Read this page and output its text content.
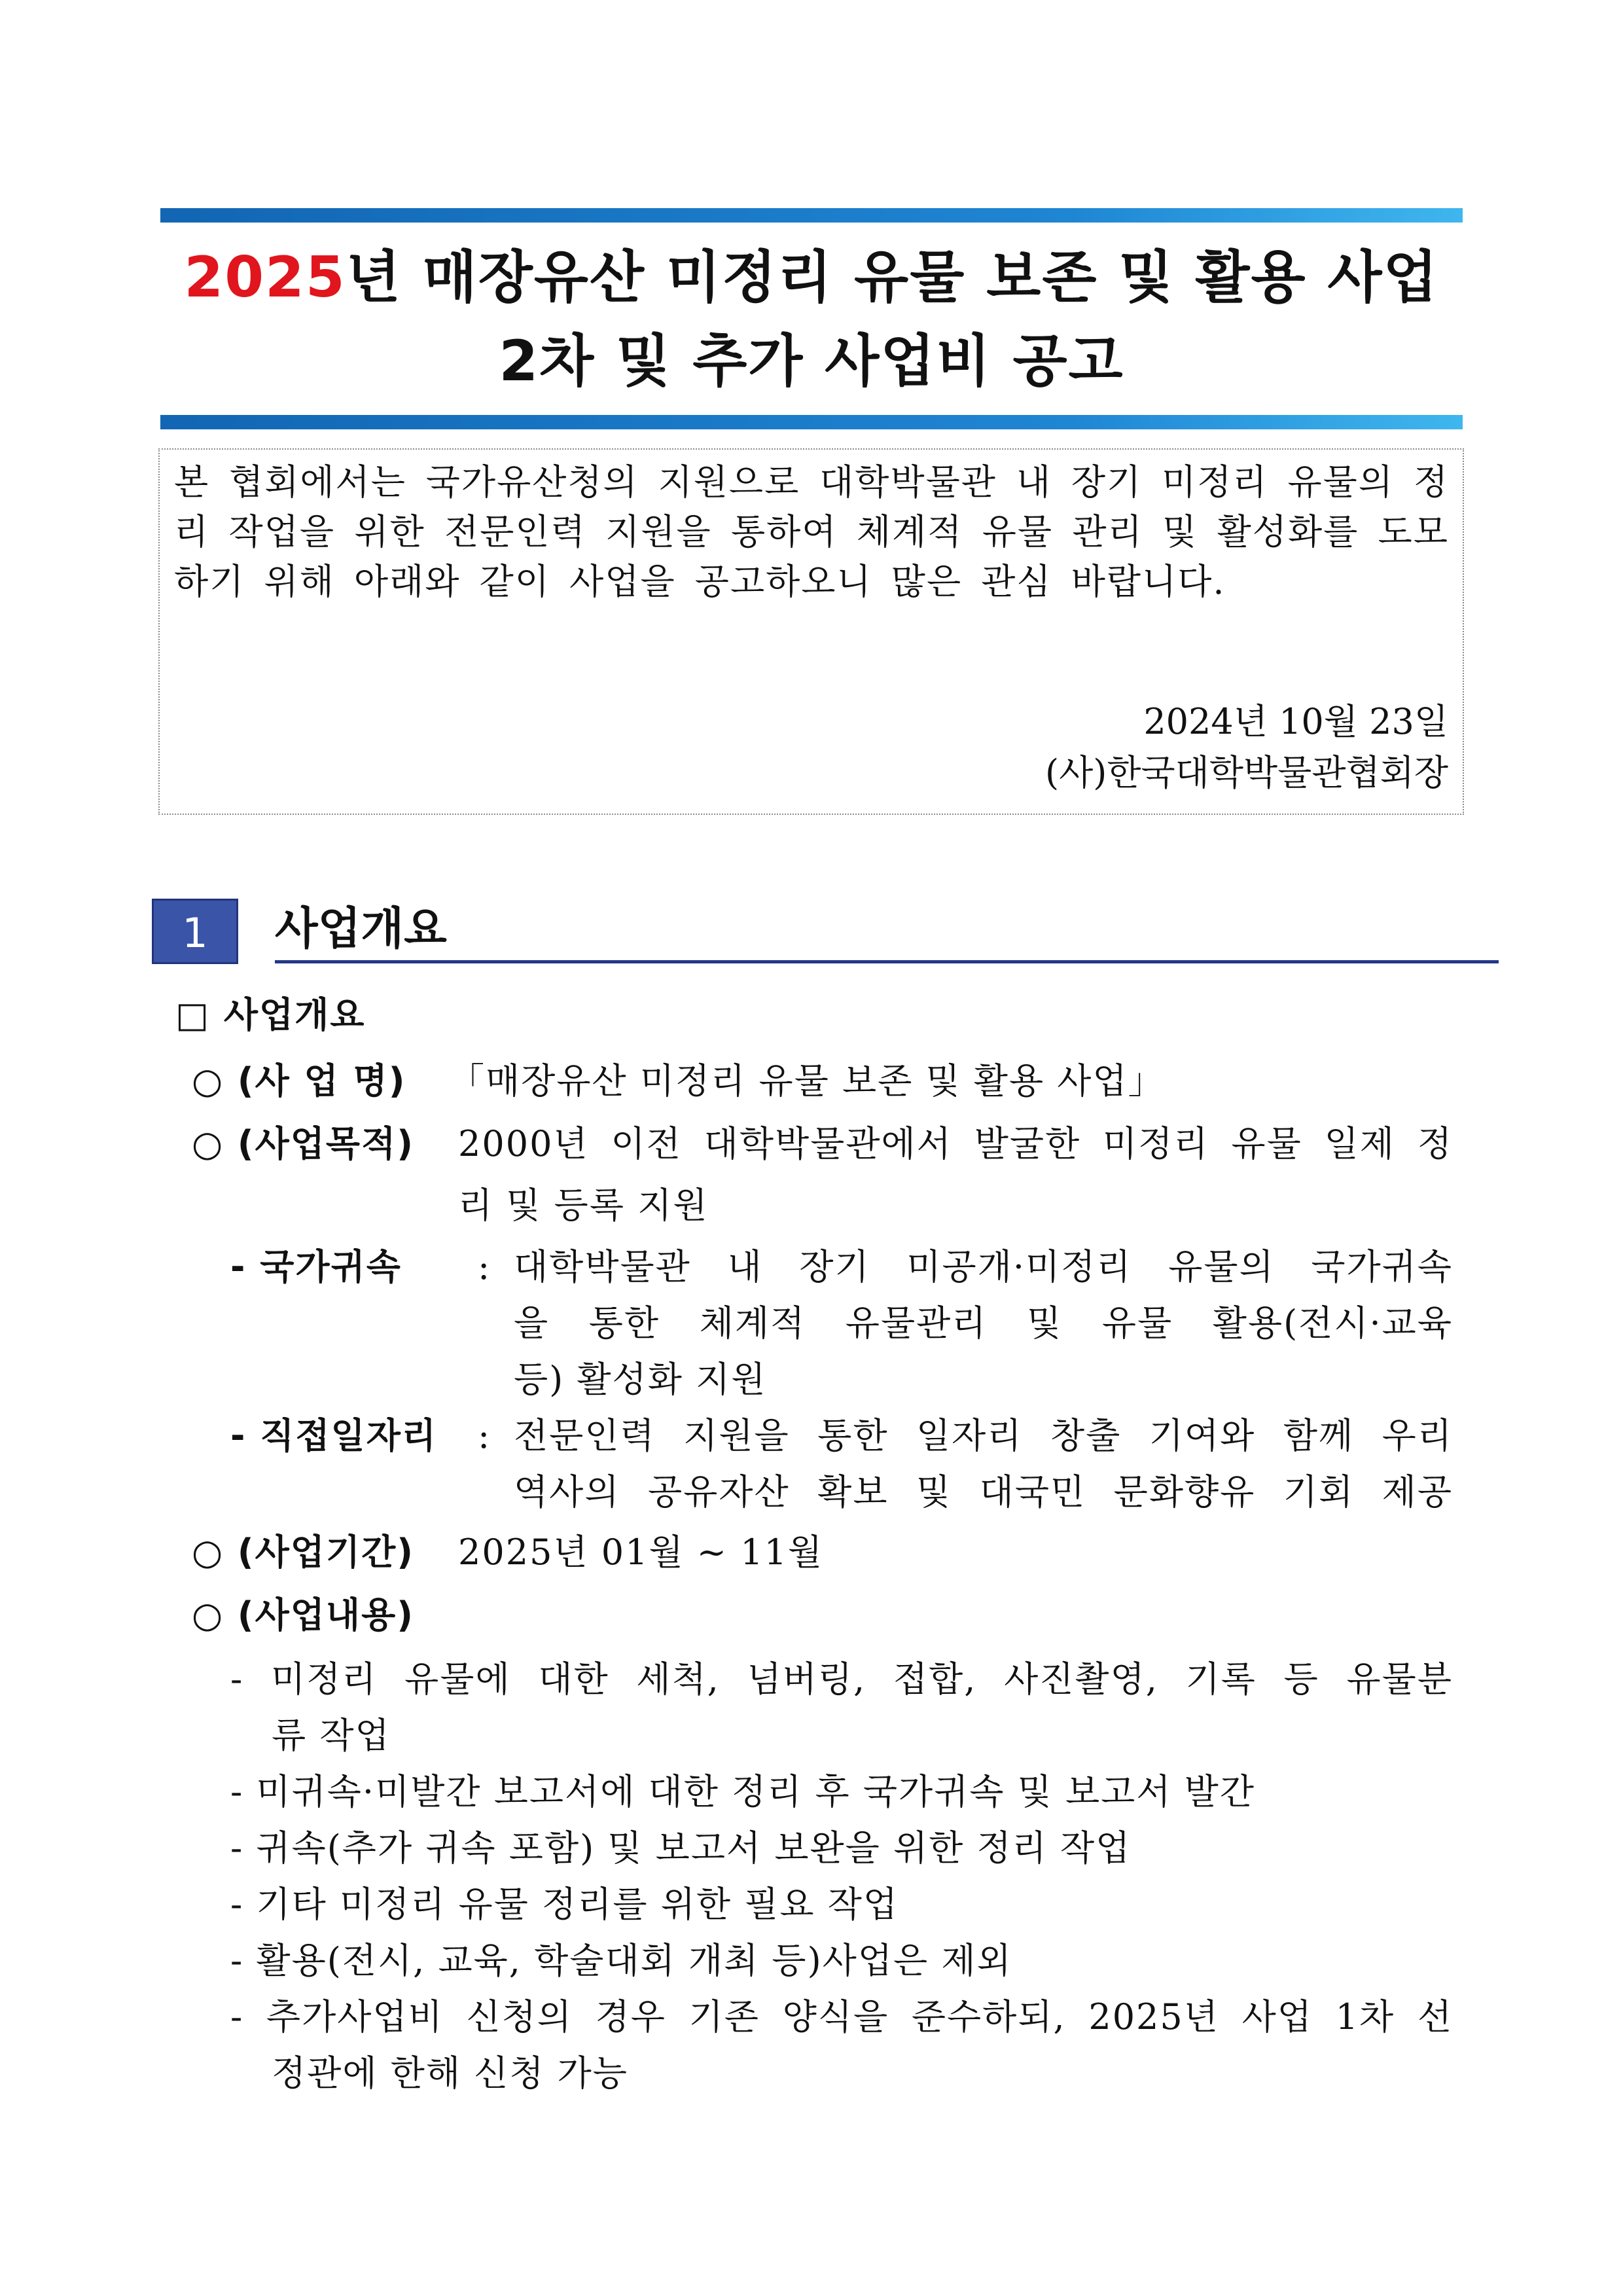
2025년 매장유산 미정리 유물 보존 및 활용 사업
2차 및 추가 사업비 공고
본 협회에서는 국가유산청의 지원으로 대학박물관 내 장기 미정리 유물의 정리 작업을 위한 전문인력 지원을 통하여 체계적 유물 관리 및 활성화를 도모하기 위해 아래와 같이 사업을 공고하오니 많은 관심 바랍니다.
2024년 10월 23일
(사)한국대학박물관협회장
1	사업개요
□ 사업개요
○ (사 업 명) 「매장유산 미정리 유물 보존 및 활용 사업」
○ (사업목적) 2000년 이전 대학박물관에서 발굴한 미정리 유물 일제 정
리 및 등록 지원
- 국가귀속 : 대학박물관 내 장기 미공개·미정리 유물의 국가귀속
을 통한 체계적 유물관리 및 유물 활용(전시·교육
등) 활성화 지원
- 직접일자리 : 전문인력 지원을 통한 일자리 창출 기여와 함께 우리
역사의 공유자산 확보 및 대국민 문화향유 기회 제공
○ (사업기간) 2025년 01월 ~ 11월
○ (사업내용)
- 미정리 유물에 대한 세척, 넘버링, 접합, 사진촬영, 기록 등 유물분
류 작업
- 미귀속·미발간 보고서에 대한 정리 후 국가귀속 및 보고서 발간
- 귀속(추가 귀속 포함) 및 보고서 보완을 위한 정리 작업
- 기타 미정리 유물 정리를 위한 필요 작업
- 활용(전시, 교육, 학술대회 개최 등)사업은 제외
- 추가사업비 신청의 경우 기존 양식을 준수하되, 2025년 사업 1차 선
정관에 한해 신청 가능
